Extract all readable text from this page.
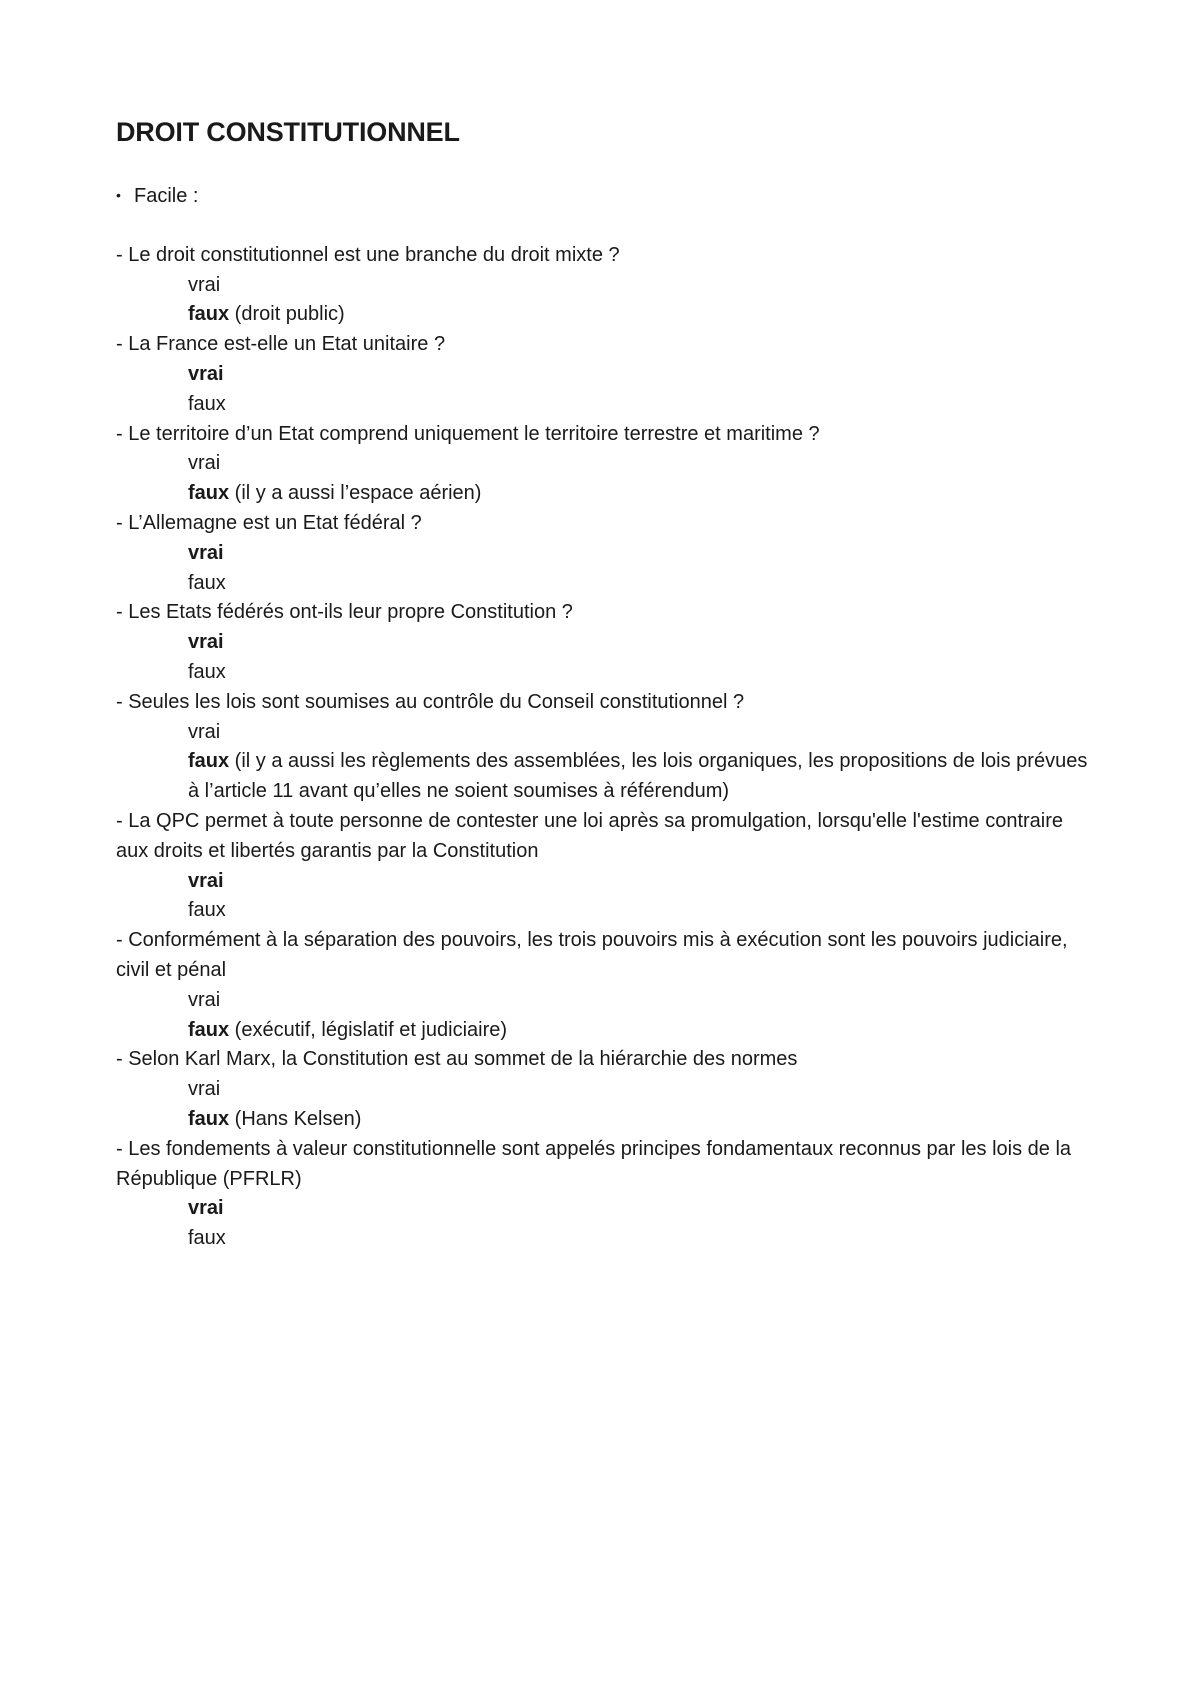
DROIT CONSTITUTIONNEL
• Facile :

- Le droit constitutionnel est une branche du droit mixte ?

vrai

faux (droit public)

- La France est-elle un Etat unitaire ?

vrai

faux

- Le territoire d’un Etat comprend uniquement le territoire terrestre et maritime ?

vrai

faux (il y a aussi l’espace aérien)

- L’Allemagne est un Etat fédéral ?

vrai

faux

- Les Etats fédérés ont-ils leur propre Constitution ?

vrai

faux

- Seules les lois sont soumises au contrôle du Conseil constitutionnel ?

vrai

faux (il y a aussi les règlements des assemblées, les lois organiques, les propositions de lois prévues à l’article 11 avant qu’elles ne soient soumises à référendum)

- La QPC permet à toute personne de contester une loi après sa promulgation, lorsqu'elle l'estime contraire aux droits et libertés garantis par la Constitution

vrai

faux

- Conformément à la séparation des pouvoirs, les trois pouvoirs mis à exécution sont les pouvoirs judiciaire, civil et pénal

vrai

faux (exécutif, législatif et judiciaire)

- Selon Karl Marx, la Constitution est au sommet de la hiérarchie des normes

vrai

faux (Hans Kelsen)

- Les fondements à valeur constitutionnelle sont appelés principes fondamentaux reconnus par les lois de la République (PFRLR)

vrai

faux
